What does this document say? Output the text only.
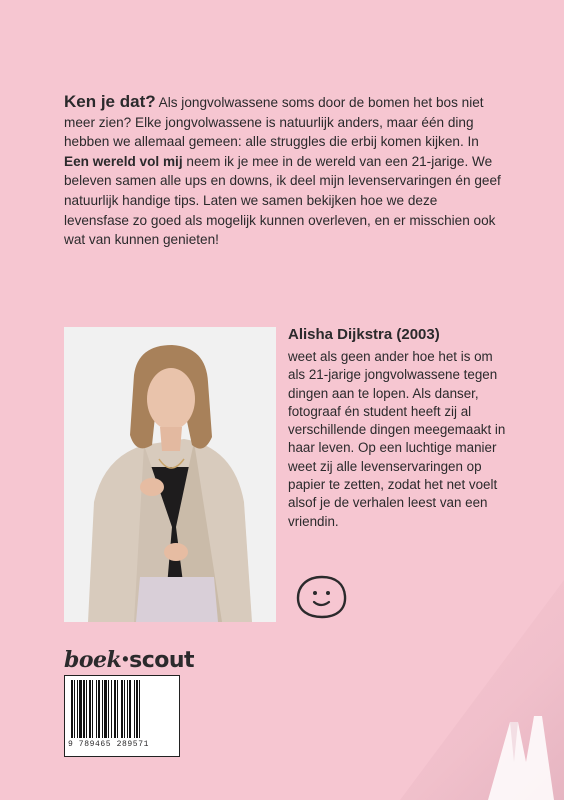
Ken je dat? Als jongvolwassene soms door de bomen het bos niet meer zien? Elke jongvolwassene is natuurlijk anders, maar één ding hebben we allemaal gemeen: alle struggles die erbij komen kijken. In Een wereld vol mij neem ik je mee in de wereld van een 21-jarige. We beleven samen alle ups en downs, ik deel mijn levenservaringen én geef natuurlijk handige tips. Laten we samen bekijken hoe we deze levensfase zo goed als mogelijk kunnen overleven, en er misschien ook wat van kunnen genieten!

Alisha Dijkstra (2003)

weet als geen ander hoe het is om als 21-jarige jongvolwassene tegen dingen aan te lopen. Als danser, fotograaf én student heeft zij al verschillende dingen meegemaakt in haar leven. Op een luchtige manier weet zij alle levenservaringen op papier te zetten, zodat het net voelt alsof je de verhalen leest van een vriendin.

boek•scout

9 789465 289571
